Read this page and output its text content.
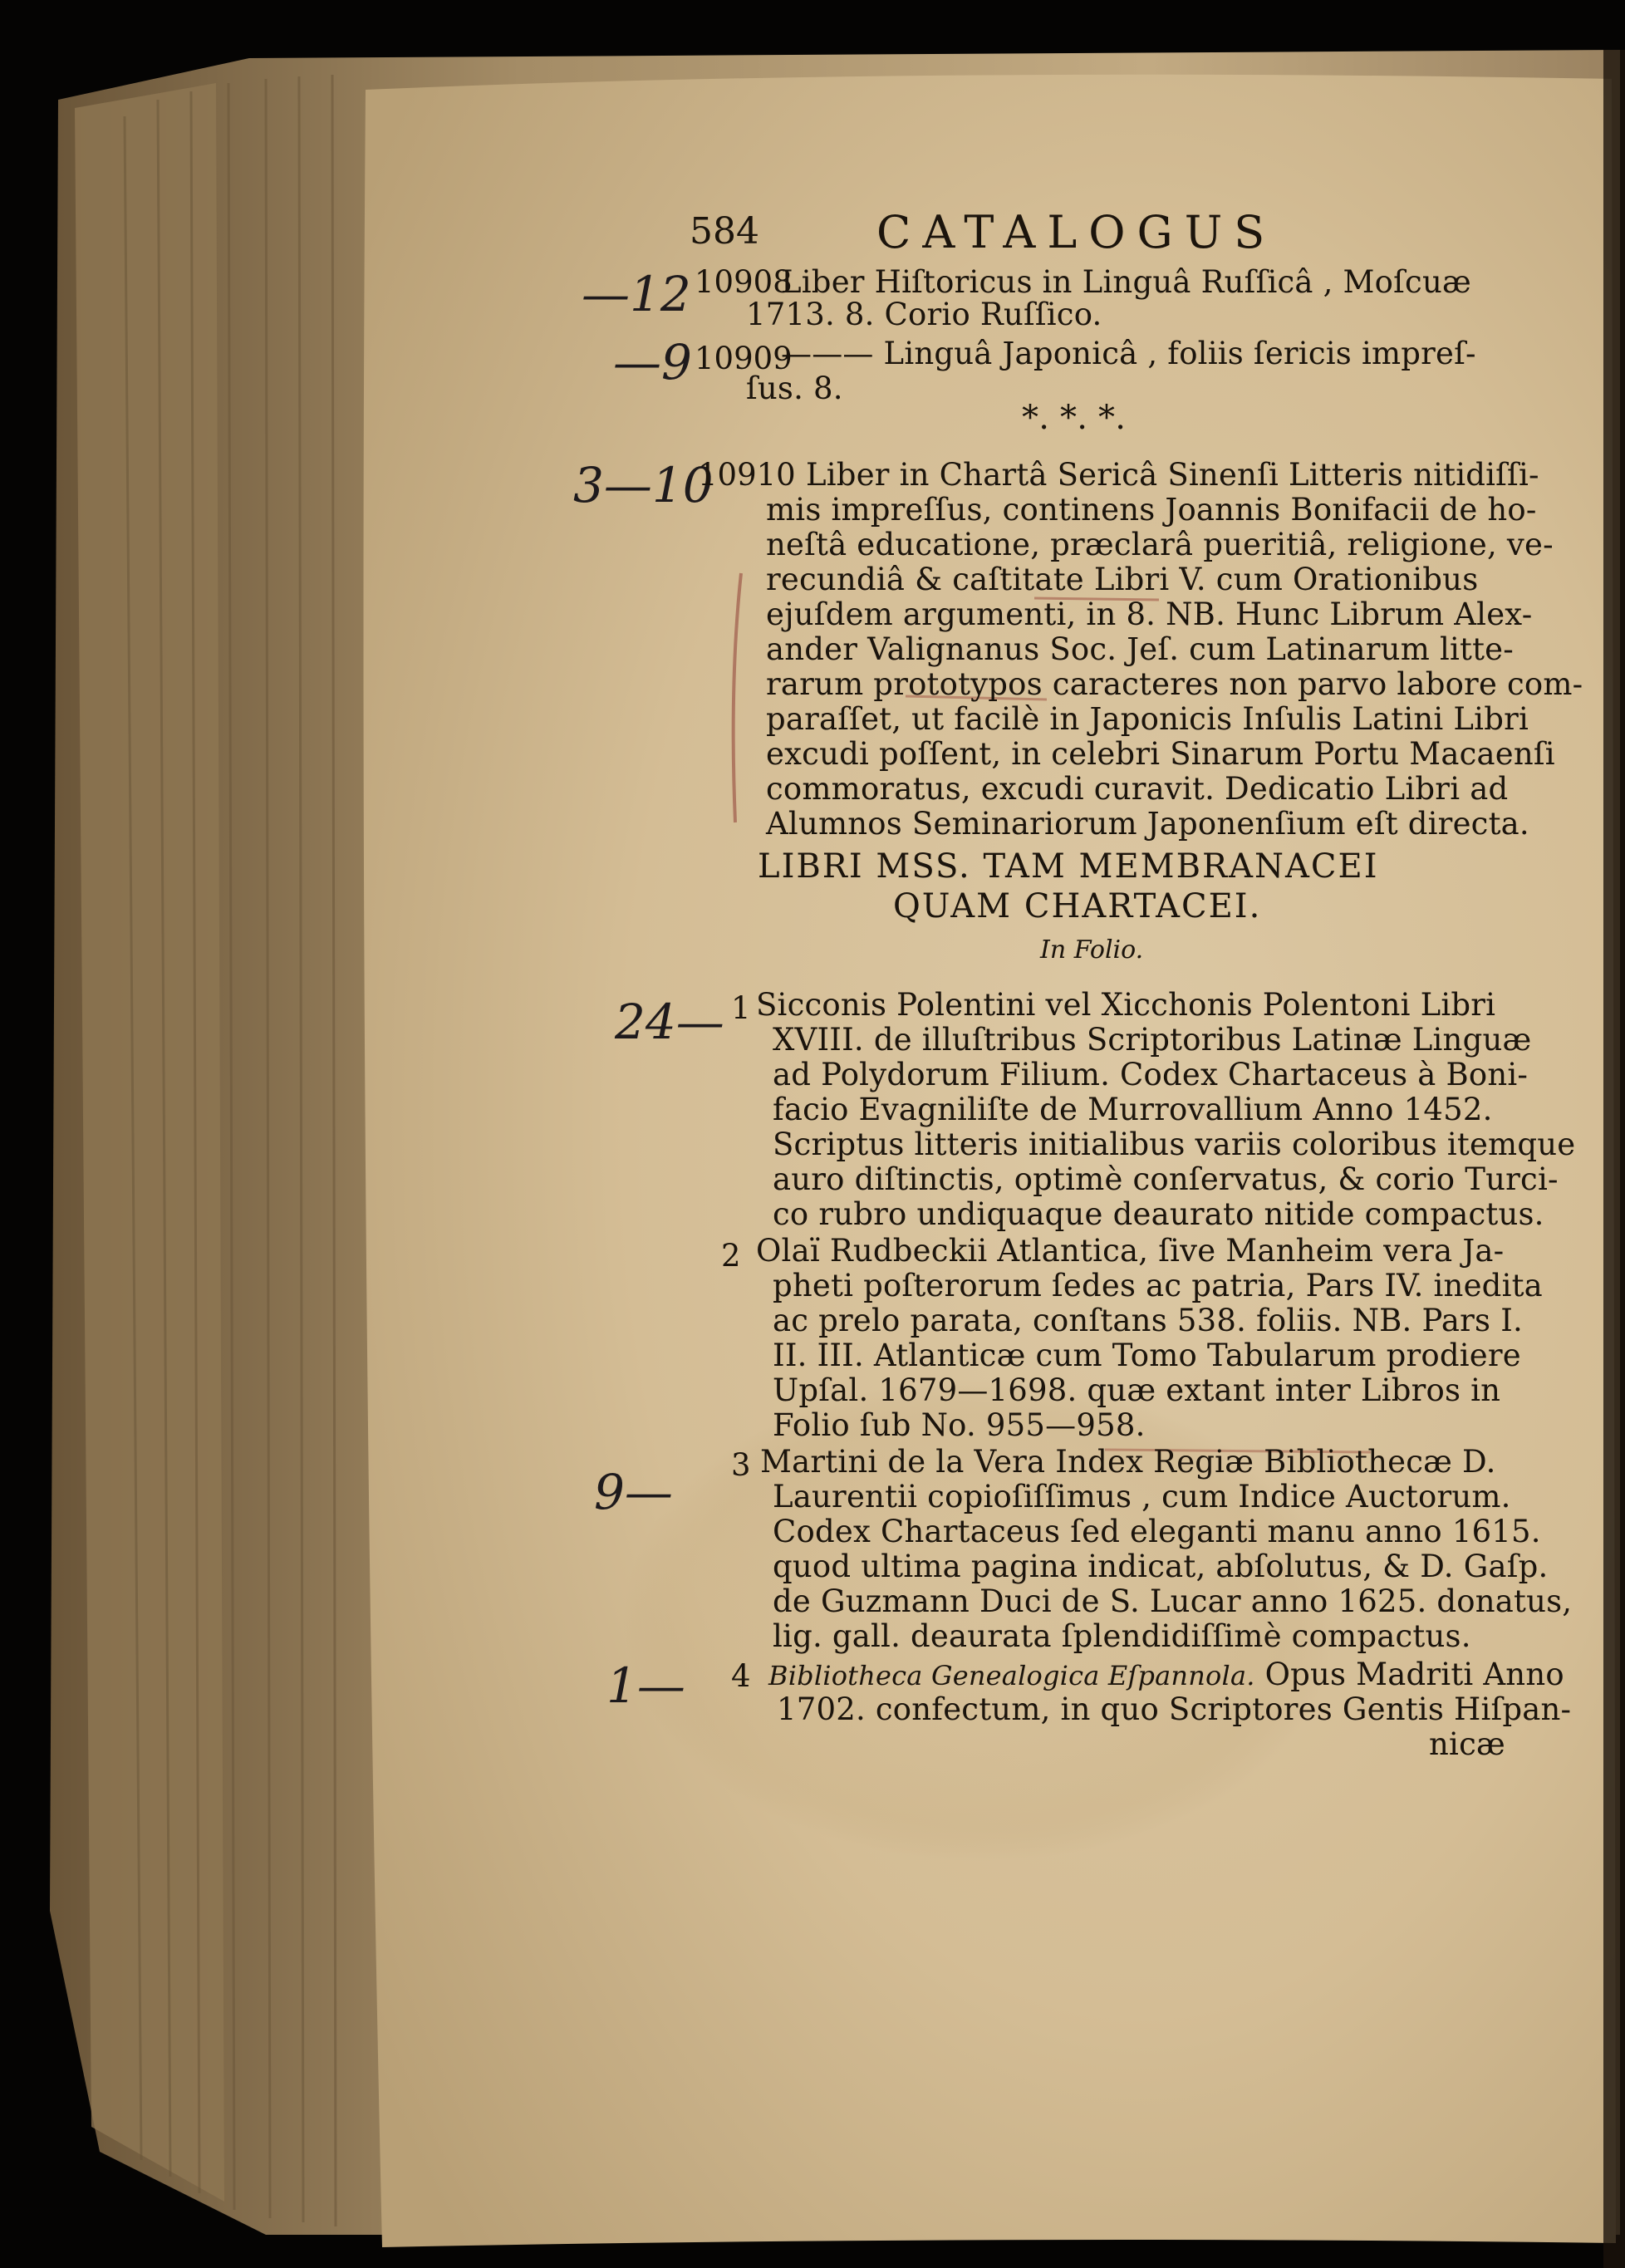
584	CATALOGUS
—12 10908
Liber Hiſtoricus in Linguâ Ruſſicâ , Moſcuæ
1713. 8. Corio Ruſſico.
—9 10909
——— Linguâ Japonicâ , foliis ſericis impreſ-
ſus. 8.
*. *. *.
3—10
10910 Liber in Chartâ Sericâ Sinenſi Litteris nitidiſſi-
mis impreſſus, continens Joannis Bonifacii de ho-
neſtâ educatione, præclarâ pueritiâ, religione, ve-
recundiâ & caſtitate Libri V. cum Orationibus
ejuſdem argumenti, in 8. NB. Hunc Librum Alex-
ander Valignanus Soc. Jeſ. cum Latinarum litte-
rarum prototypos caracteres non parvo labore com-
paraſſet, ut facilè in Japonicis Inſulis Latini Libri
excudi poſſent, in celebri Sinarum Portu Macaenſi
commoratus, excudi curavit. Dedicatio Libri ad
Alumnos Seminariorum Japonenſium eſt directa.
LIBRI MSS. TAM MEMBRANACEI
QUAM CHARTACEI.
In Folio.
24— 1 Sicconis Polentini vel Xicchonis Polentoni Libri
XVIII. de illuſtribus Scriptoribus Latinæ Linguæ
ad Polydorum Filium. Codex Chartaceus à Boni-
facio Evagniliſte de Murrovallium Anno 1452.
Scriptus litteris initialibus variis coloribus itemque
auro diſtinctis, optimè conſervatus, & corio Turci-
co rubro undiquaque deaurato nitide compactus.
2 Olaï Rudbeckii Atlantica, ſive Manheim vera Ja-
pheti poſterorum ſedes ac patria, Pars IV. inedita
ac prelo parata, conſtans 538. foliis. NB. Pars I.
II. III. Atlanticæ cum Tomo Tabularum prodiere
Upſal. 1679—1698. quæ extant inter Libros in
Folio ſub No. 955—958.
9— 3 Martini de la Vera Index Regiæ Bibliothecæ D.
Laurentii copioſiſſimus , cum Indice Auctorum.
Codex Chartaceus ſed eleganti manu anno 1615.
quod ultima pagina indicat, abſolutus, & D. Gaſp.
de Guzmann Duci de S. Lucar anno 1625. donatus,
lig. gall. deaurata ſplendidiſſimè compactus.
1— 4 Bibliotheca Genealogica Eſpannola. Opus Madriti Anno
1702. confectum, in quo Scriptores Gentis Hiſpan-
nicæ
